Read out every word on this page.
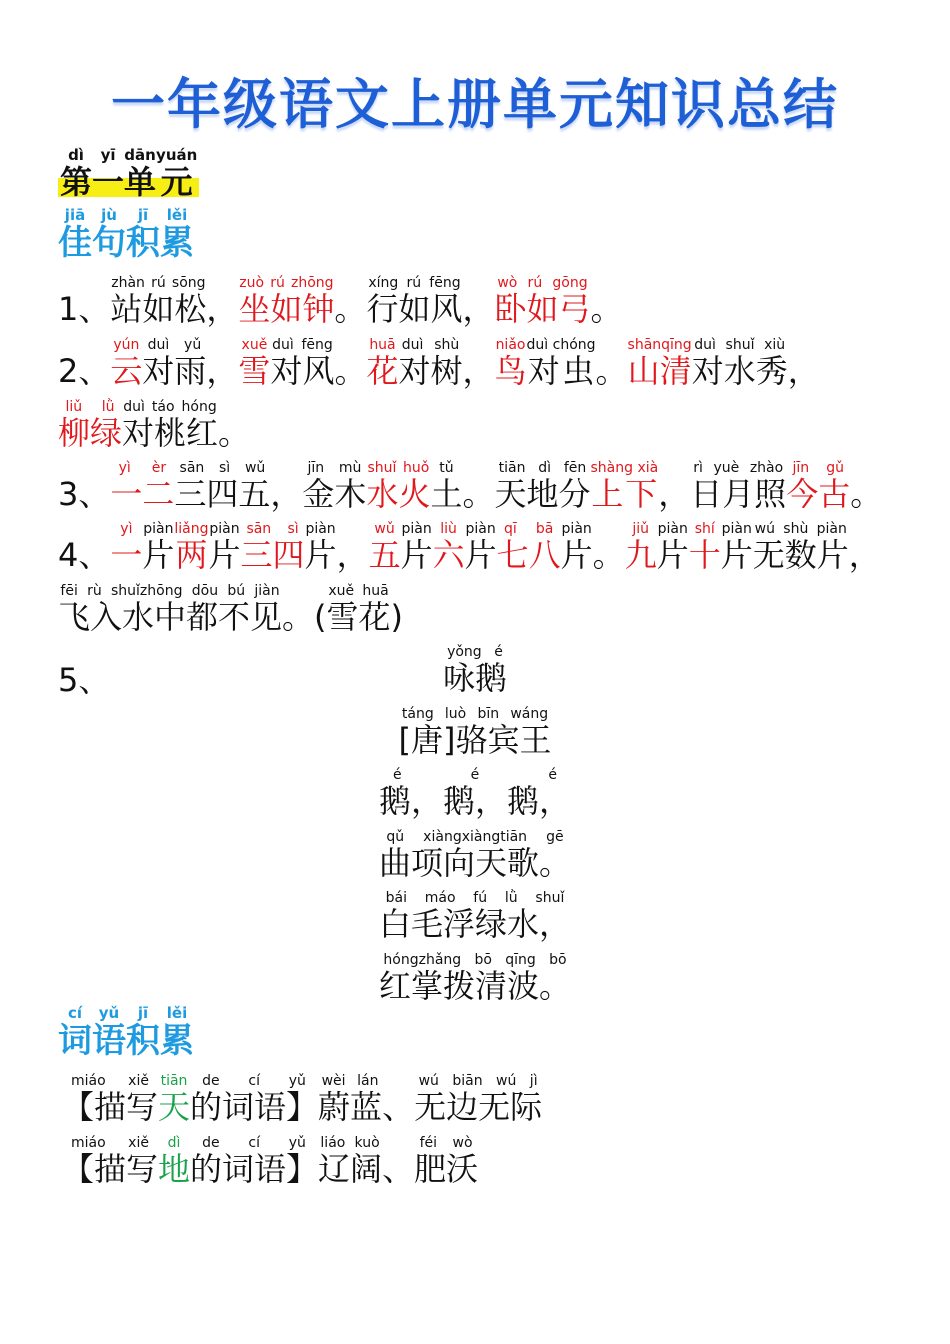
一年级语文上册单元知识总结
第dì一yī单dān元yuán
佳jiā句jù积jī累lěi
1、 站如松zhàn rú sōng， 坐如钟zuò rú zhōng。 行如风xíng rú fēng， 卧如弓wò rú gōng。
2、 云yún对雨duì yǔ， 雪xuě对风duì fēng。 花huā对树duì shù， 鸟niǎo对虫duì chóng。 山清shānqīng对水秀duì shuǐ xiù，
柳绿liǔ lǜ对桃红duì táo hóng。
3、 一二yì èr三四五sān sì wǔ， 金木jīn mù水火shuǐ huǒ土tǔ。 天地分tiān dì fēn上下shàng xià， 日月照rì yuè zhào今古jīn gǔ。
4、 一yì片piàn两liǎng片piàn三四sān sì片piàn， 五wǔ片piàn六liù片piàn七八qī bā片piàn。 九jiǔ片piàn十shí片piàn无数片wú shù piàn，
飞入水中都不见fēi rù shuǐzhōng dōu bú jiàn。( 雪花xuě huā)
5、	咏鹅yǒng é
[唐]骆宾王táng luò bīn wáng
鹅，鹅，鹅，é é é
曲项向天歌。qǔ xiàngxiàngtiān gē
白毛浮绿水，bái máo fú lǜ shuǐ
红掌拨清波。hóngzhǎng bō qīng bō
词cí语yǔ积jī累lěi
【描写miáo xiě天tiān的词语】de cí yǔ蔚蓝wèi lán、 无边无际wú biān wú jì
【描写miáo xiě地dì的词语】de cí yǔ辽阔liáo kuò、 肥沃féi wò
